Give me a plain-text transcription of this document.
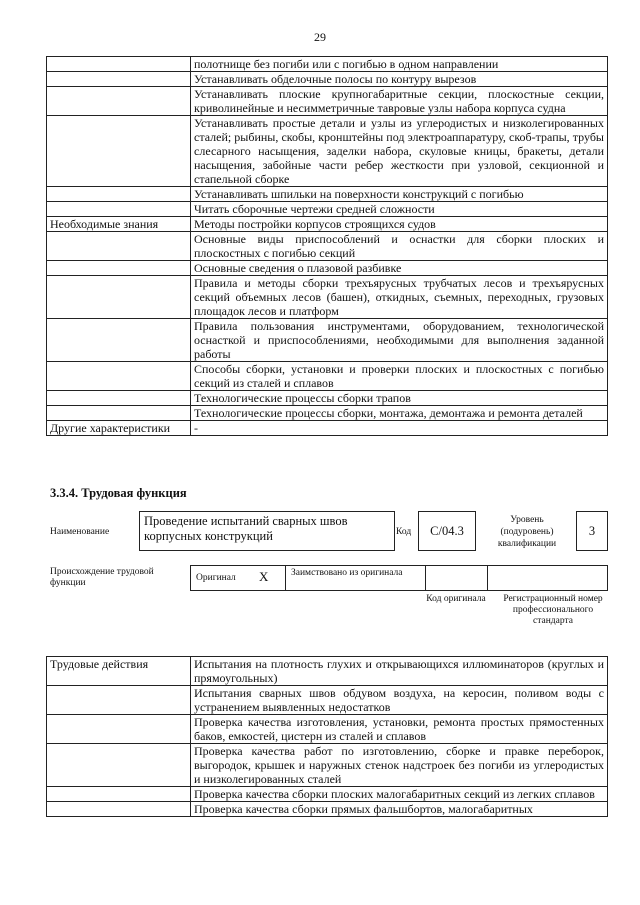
29
	полотнище без погиби или с погибью в одном направлении
	Устанавливать обделочные полосы по контуру вырезов
	Устанавливать плоские крупногабаритные секции, плоскостные секции, криволинейные и несимметричные тавровые узлы набора корпуса судна
	Устанавливать простые детали и узлы из углеродистых и низколегированных сталей; рыбины, скобы, кронштейны под электроаппаратуру, скоб-трапы, трубы слесарного насыщения, заделки набора, скуловые кницы, бракеты, детали насыщения, забойные части ребер жесткости при узловой, секционной и стапельной сборке
	Устанавливать шпильки на поверхности конструкций с погибью
	Читать сборочные чертежи средней сложности
Необходимые знания	Методы постройки корпусов строящихся судов
	Основные виды приспособлений и оснастки для сборки плоских и плоскостных с погибью секций
	Основные сведения о плазовой разбивке
	Правила и методы сборки трехъярусных трубчатых лесов и трехъярусных секций объемных лесов (башен), откидных, съемных, переходных, грузовых площадок лесов и платформ
	Правила пользования инструментами, оборудованием, технологической оснасткой и приспособлениями, необходимыми для выполнения заданной работы
	Способы сборки, установки и проверки плоских и плоскостных с погибью секций из сталей и сплавов
	Технологические процессы сборки трапов
	Технологические процессы сборки, монтажа, демонтажа и ремонта деталей
Другие характеристики	-
3.3.4. Трудовая функция
Наименование
Проведение испытаний сварных швов корпусных конструкций	Код	C/04.3
Уровень (подуровень) квалификации
3
Происхождение трудовой функции	Оригинал X Заимствовано из оригинала
Код оригинала	Регистрационный номер профессионального стандарта
Трудовые действия	Испытания на плотность глухих и открывающихся иллюминаторов (круглых и прямоугольных)
	Испытания сварных швов обдувом воздуха, на керосин, поливом воды с устранением выявленных недостатков
	Проверка качества изготовления, установки, ремонта простых прямостенных баков, емкостей, цистерн из сталей и сплавов
	Проверка качества работ по изготовлению, сборке и правке переборок, выгородок, крышек и наружных стенок надстроек без погиби из углеродистых и низколегированных сталей
	Проверка качества сборки плоских малогабаритных секций из легких сплавов
	Проверка качества сборки прямых фальшбортов, малогабаритных
